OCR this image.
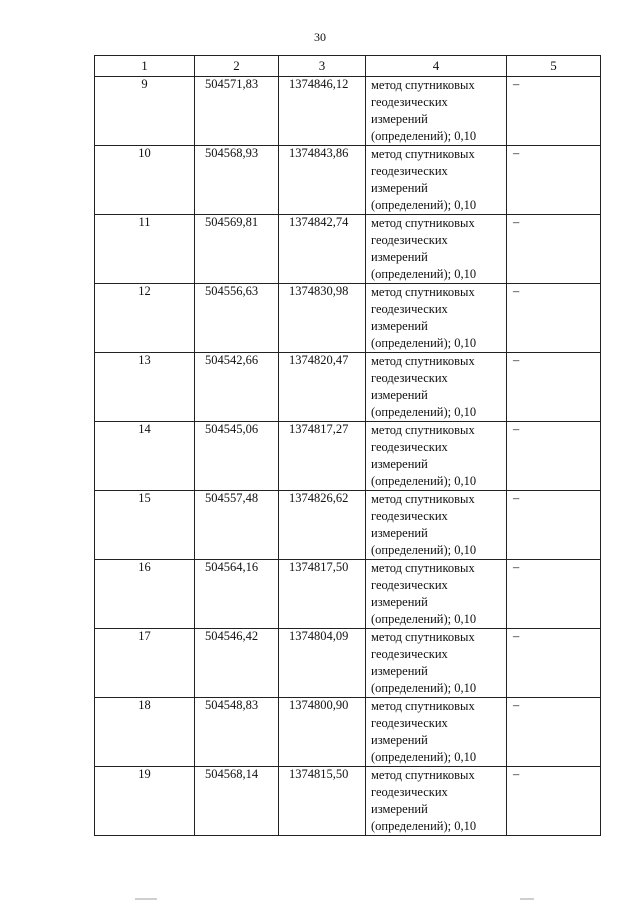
30
1	2	3	4	5
9	504571,83	1374846,12	метод спутниковых
геодезических
измерений
(определений); 0,10	–
10	504568,93	1374843,86	метод спутниковых
геодезических
измерений
(определений); 0,10	–
11	504569,81	1374842,74	метод спутниковых
геодезических
измерений
(определений); 0,10	–
12	504556,63	1374830,98	метод спутниковых
геодезических
измерений
(определений); 0,10	–
13	504542,66	1374820,47	метод спутниковых
геодезических
измерений
(определений); 0,10	–
14	504545,06	1374817,27	метод спутниковых
геодезических
измерений
(определений); 0,10	–
15	504557,48	1374826,62	метод спутниковых
геодезических
измерений
(определений); 0,10	–
16	504564,16	1374817,50	метод спутниковых
геодезических
измерений
(определений); 0,10	–
17	504546,42	1374804,09	метод спутниковых
геодезических
измерений
(определений); 0,10	–
18	504548,83	1374800,90	метод спутниковых
геодезических
измерений
(определений); 0,10	–
19	504568,14	1374815,50	метод спутниковых
геодезических
измерений
(определений); 0,10	–
